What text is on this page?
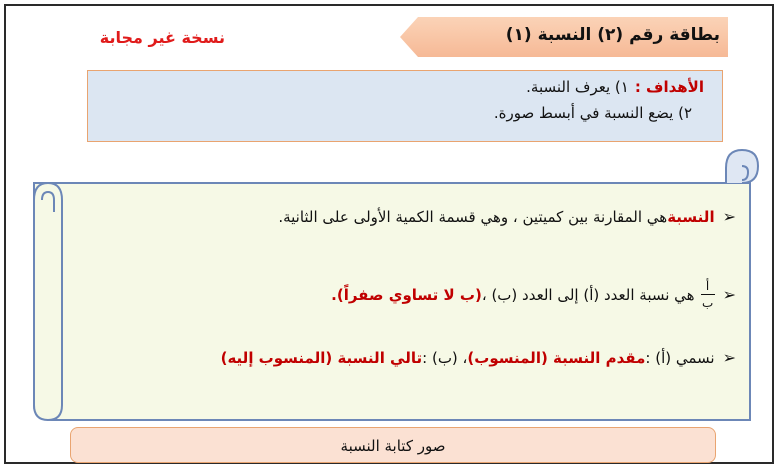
بطاقة رقم (٢) النسبة (١)
نسخة غير مجابة
الأهداف :١) يعرف النسبة.
٢) يضع النسبة في أبسط صورة.
➢
النسبة
هي المقارنة بين كميتين ، وهي قسمة الكمية الأولى على الثانية.
➢
$\frac{\text{أ}}{\text{ب}}$
هي نسبة العدد (أ) إلى العدد (ب) ،
(ب لا تساوي صفراً).
➢
نسمي (أ) :
مقدم النسبة (المنسوب)
، (ب) :
تالي النسبة (المنسوب إليه)
صور كتابة النسبة
